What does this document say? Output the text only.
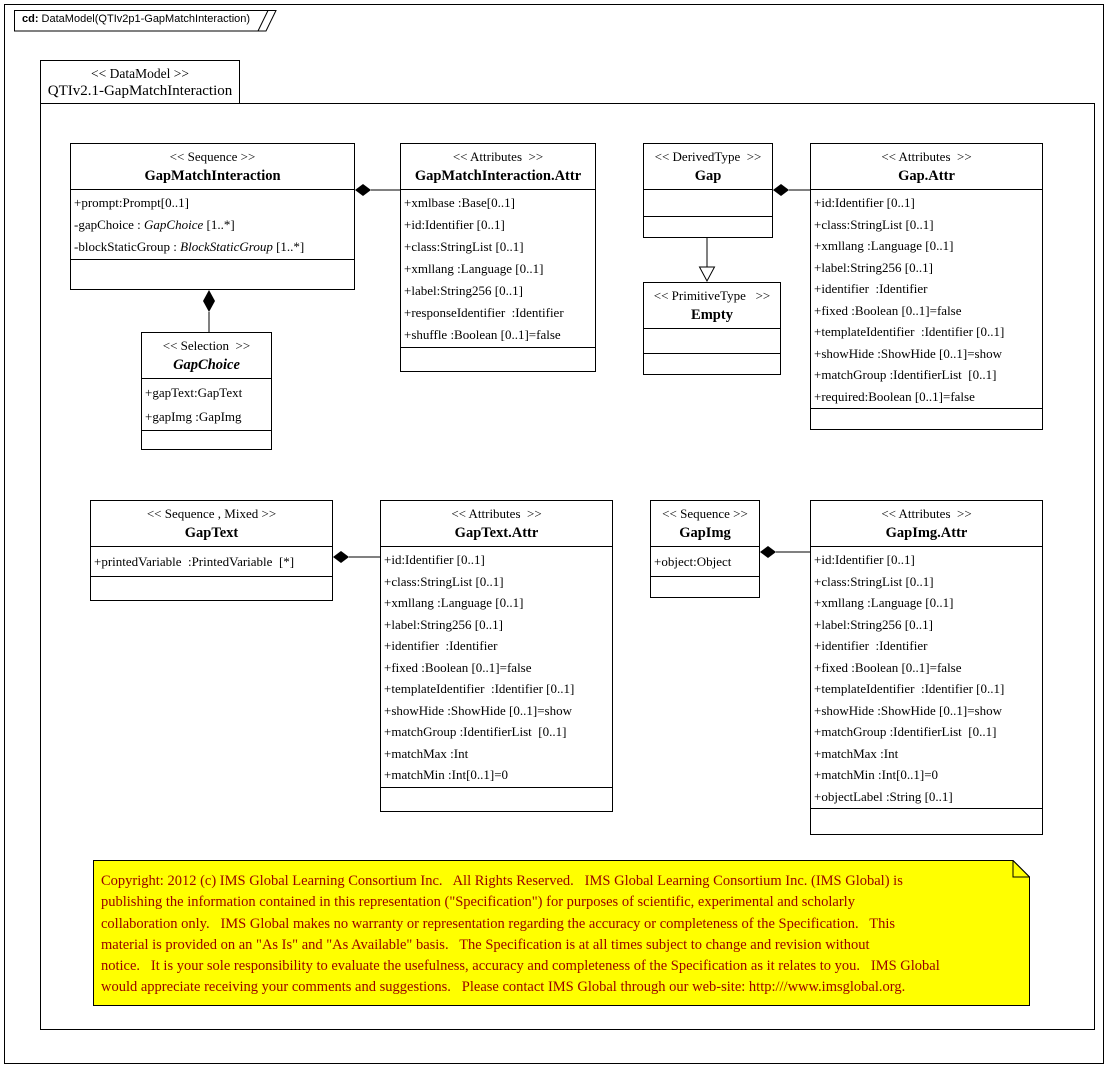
cd: DataModel(QTIv2p1-GapMatchInteraction)
<< DataModel >>
QTIv2.1-GapMatchInteraction
<< Sequence >>
GapMatchInteraction
+prompt:Prompt[0..1]
-gapChoice : GapChoice [1..*]
-blockStaticGroup : BlockStaticGroup [1..*]
<< Attributes  >>
GapMatchInteraction.Attr
+xmlbase :Base[0..1]
+id:Identifier [0..1]
+class:StringList [0..1]
+xmllang :Language [0..1]
+label:String256 [0..1]
+responseIdentifier  :Identifier
+shuffle :Boolean [0..1]=false
<< DerivedType  >>
Gap
<< PrimitiveType   >>
Empty
<< Attributes  >>
Gap.Attr
+id:Identifier [0..1]
+class:StringList [0..1]
+xmllang :Language [0..1]
+label:String256 [0..1]
+identifier  :Identifier
+fixed :Boolean [0..1]=false
+templateIdentifier  :Identifier [0..1]
+showHide :ShowHide [0..1]=show
+matchGroup :IdentifierList  [0..1]
+required:Boolean [0..1]=false
<< Selection  >>
GapChoice
+gapText:GapText
+gapImg :GapImg
<< Sequence , Mixed >>
GapText
+printedVariable  :PrintedVariable  [*]
<< Attributes  >>
GapText.Attr
+id:Identifier [0..1]
+class:StringList [0..1]
+xmllang :Language [0..1]
+label:String256 [0..1]
+identifier  :Identifier
+fixed :Boolean [0..1]=false
+templateIdentifier  :Identifier [0..1]
+showHide :ShowHide [0..1]=show
+matchGroup :IdentifierList  [0..1]
+matchMax :Int
+matchMin :Int[0..1]=0
<< Sequence >>
GapImg
+object:Object
<< Attributes  >>
GapImg.Attr
+id:Identifier [0..1]
+class:StringList [0..1]
+xmllang :Language [0..1]
+label:String256 [0..1]
+identifier  :Identifier
+fixed :Boolean [0..1]=false
+templateIdentifier  :Identifier [0..1]
+showHide :ShowHide [0..1]=show
+matchGroup :IdentifierList  [0..1]
+matchMax :Int
+matchMin :Int[0..1]=0
+objectLabel :String [0..1]
Copyright: 2012 (c) IMS Global Learning Consortium Inc.   All Rights Reserved.   IMS Global Learning Consortium Inc. (IMS Global) is
publishing the information contained in this representation ("Specification") for purposes of scientific, experimental and scholarly
collaboration only.   IMS Global makes no warranty or representation regarding the accuracy or completeness of the Specification.   This
material is provided on an "As Is" and "As Available" basis.   The Specification is at all times subject to change and revision without
notice.   It is your sole responsibility to evaluate the usefulness, accuracy and completeness of the Specification as it relates to you.   IMS Global
would appreciate receiving your comments and suggestions.   Please contact IMS Global through our web-site: http:///www.imsglobal.org.
